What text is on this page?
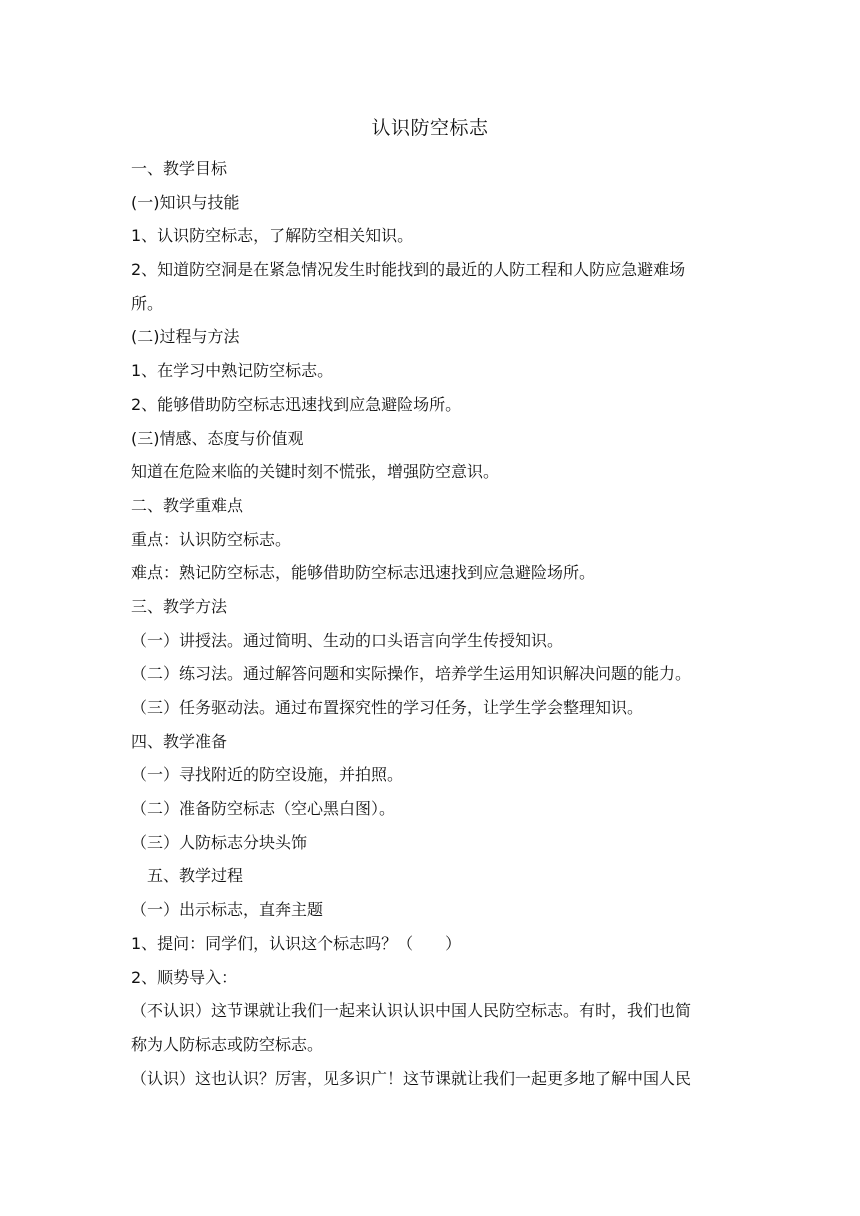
认识防空标志
一、教学目标
(一)知识与技能
1、认识防空标志，了解防空相关知识。
2、知道防空洞是在紧急情况发生时能找到的最近的人防工程和人防应急避难场
所。
(二)过程与方法
1、在学习中熟记防空标志。
2、能够借助防空标志迅速找到应急避险场所。
(三)情感、态度与价值观
知道在危险来临的关键时刻不慌张，增强防空意识。
二、教学重难点
重点：认识防空标志。
难点：熟记防空标志，能够借助防空标志迅速找到应急避险场所。
三、教学方法
（一）讲授法。通过简明、生动的口头语言向学生传授知识。
（二）练习法。通过解答问题和实际操作，培养学生运用知识解决问题的能力。
（三）任务驱动法。通过布置探究性的学习任务，让学生学会整理知识。
四、教学准备
（一）寻找附近的防空设施，并拍照。
（二）准备防空标志（空心黑白图）。
（三）人防标志分块头饰
五、教学过程
（一）出示标志，直奔主题
1、提问：同学们，认识这个标志吗？（　　）
2、顺势导入：
（不认识）这节课就让我们一起来认识认识中国人民防空标志。有时，我们也简
称为人防标志或防空标志。
（认识）这也认识？厉害，见多识广！这节课就让我们一起更多地了解中国人民
